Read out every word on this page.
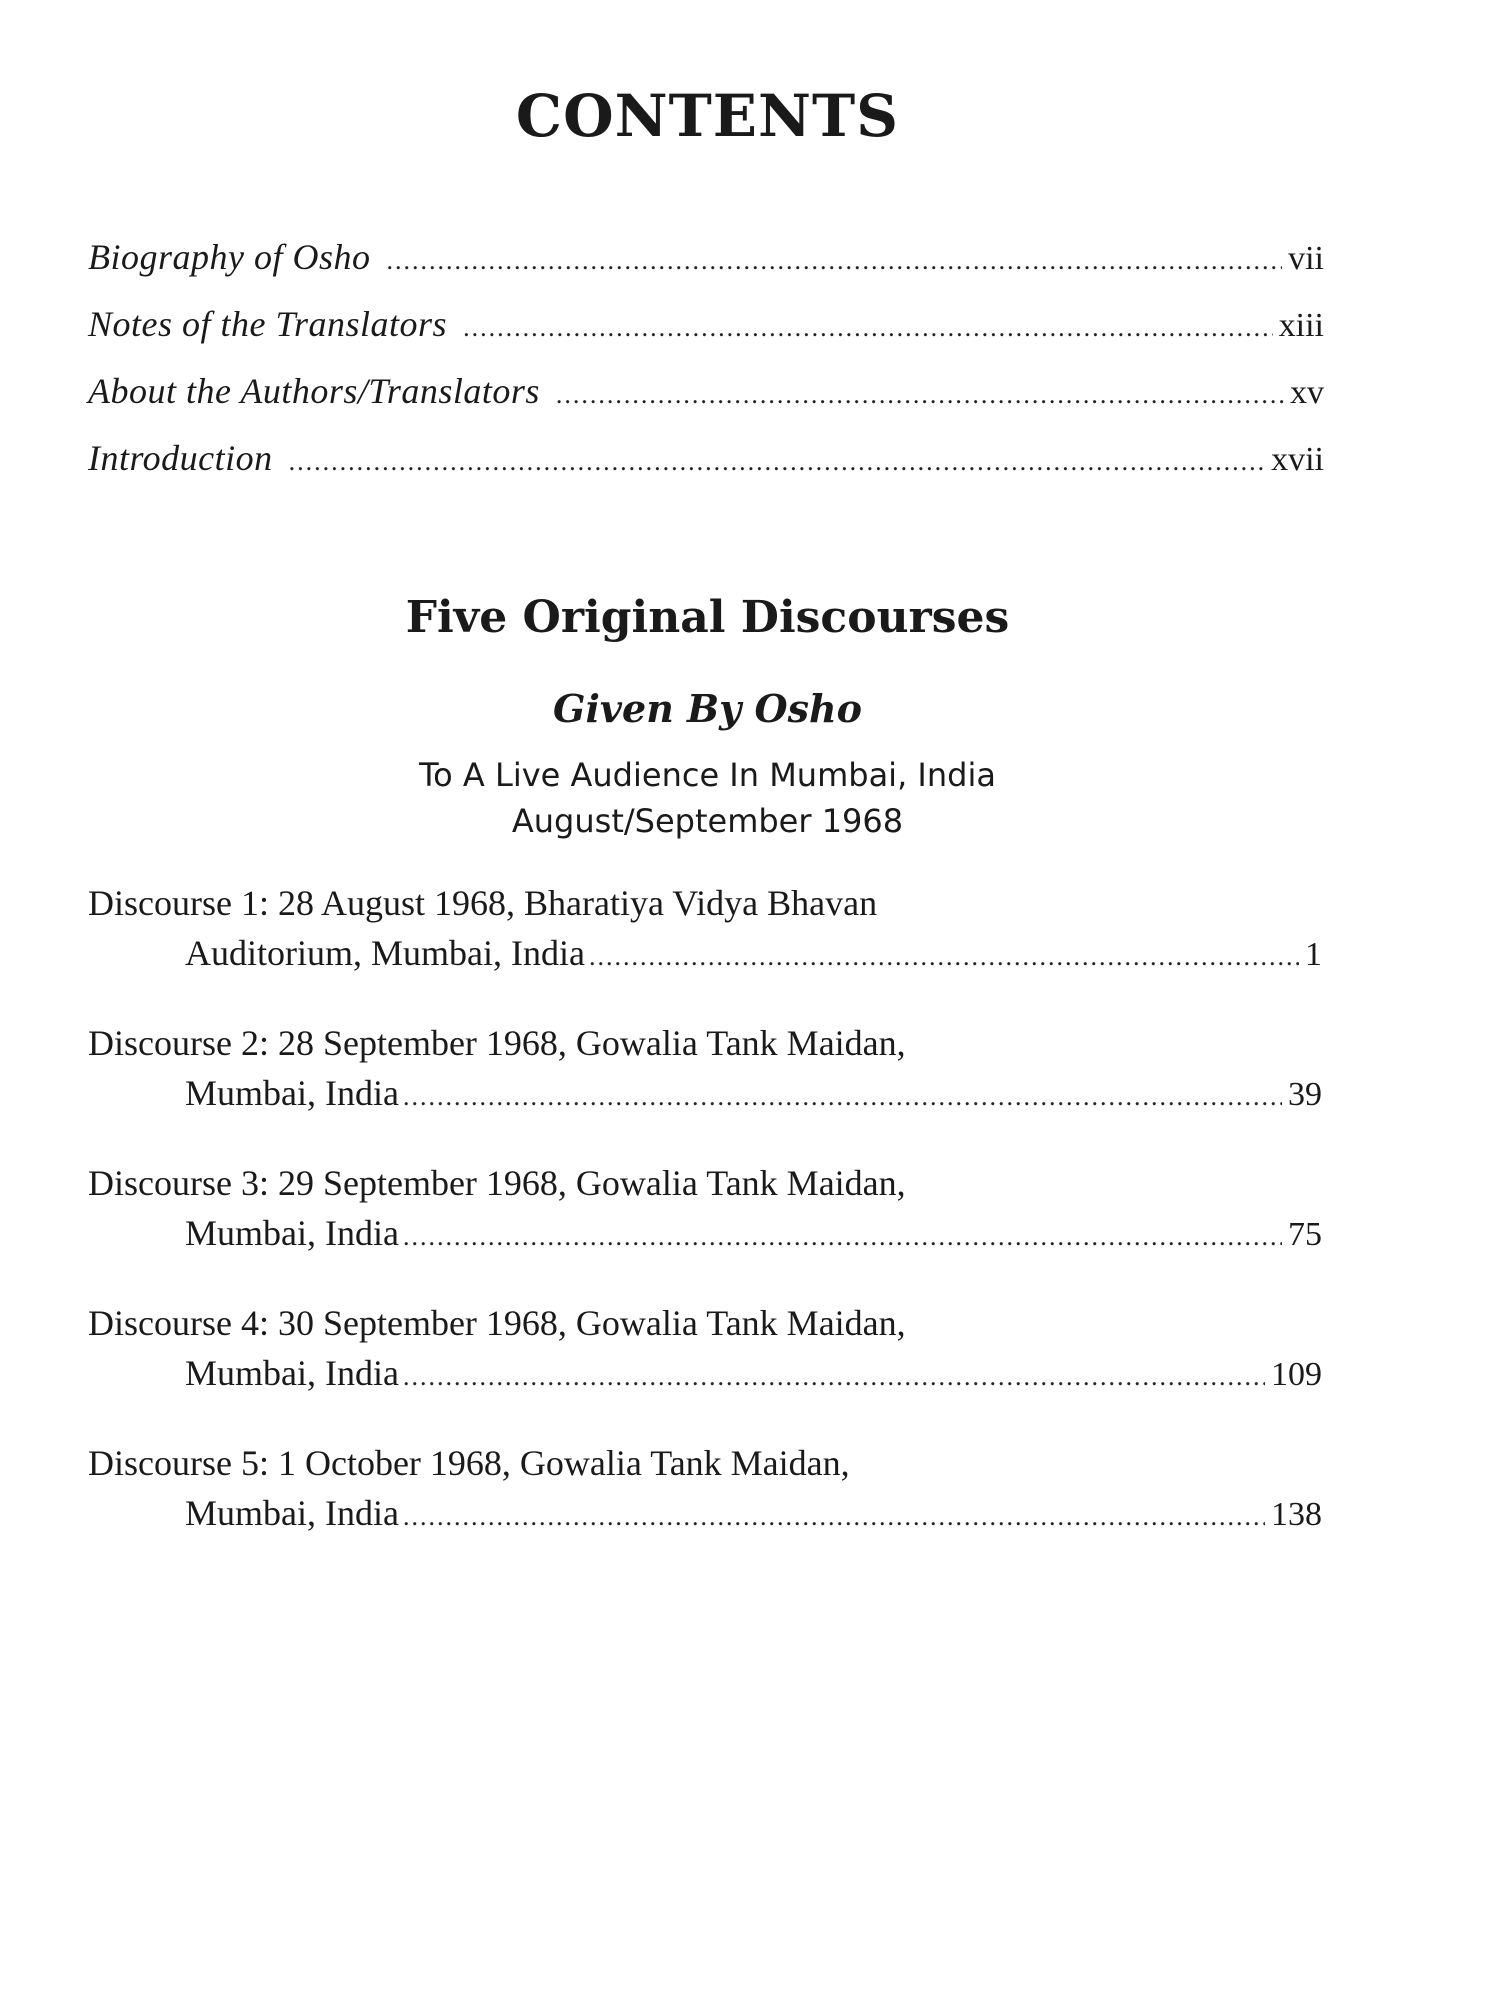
CONTENTS
Biography of Osho .....	vii
Notes of the Translators .....	xiii
About the Authors/Translators .....	xv
Introduction .....	xvii
Five Original Discourses
Given By Osho
To A Live Audience In Mumbai, India
August/September 1968
Discourse 1: 28 August 1968, Bharatiya Vidya Bhavan
Auditorium, Mumbai, India .....	1
Discourse 2: 28 September 1968, Gowalia Tank Maidan,
Mumbai, India .....	39
Discourse 3: 29 September 1968, Gowalia Tank Maidan,
Mumbai, India .....	75
Discourse 4: 30 September 1968, Gowalia Tank Maidan,
Mumbai, India .....	109
Discourse 5: 1 October 1968, Gowalia Tank Maidan,
Mumbai, India .....	138
